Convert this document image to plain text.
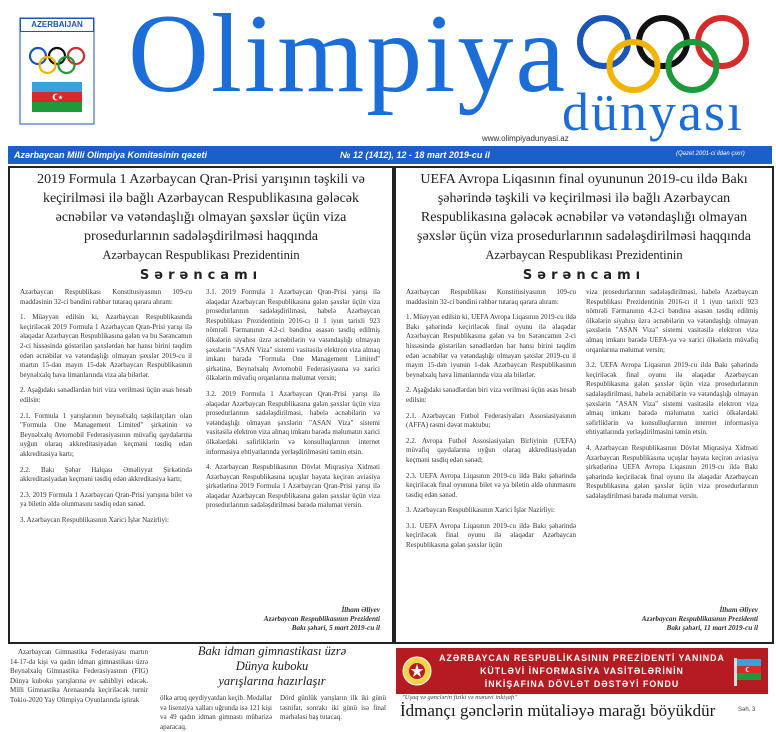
AZERBAIJAN Olimpiya
dünyası
www.olimpiyadunyasi.az
Azərbaycan Milli Olimpiya Komitəsinin qəzeti	№ 12 (1412), 12 - 18 mart 2019-cu il	(Qəzet 2001-ci ildən çıxır)
2019 Formula 1 Azərbaycan Qran-Prisi yarışının təşkili və keçirilməsi ilə bağlı Azərbaycan Respublikasına gələcək əcnəbilər və vətəndaşlığı olmayan şəxslər üçün viza prosedurlarının sadələşdirilməsi haqqında
Azərbaycan Respublikası Prezidentinin
Sərəncamı

Azərbaycan Respublikası Konstitusiyasının 109-cu maddəsinin 32-ci bəndini rəhbər tutaraq qərara alıram:

1. Müəyyən edilsin ki, Azərbaycan Respublikasında keçiriləcək 2019 Formula 1 Azərbaycan Qran-Prisi yarışı ilə əlaqədar Azərbaycan Respublikasına gələn və bu Sərəncamın 2-ci hissəsində göstərilən şəxslərdən hər hansı birini təqdim edən əcnəbilər və vətəndaşlığı olmayan şəxslər 2019-cu il martın 15-dən mayın 15-dək Azərbaycan Respublikasının beynəlxalq hava limanlarında viza ala bilərlər.

2. Aşağıdakı sənədlərdən biri viza verilməsi üçün əsas hesab edilsin:

2.1. Formula 1 yarışlarının beynəlxalq təşkilatçıları olan "Formula One Management Limited" şirkətinin və Beynəlxalq Avtomobil Federasiyasının müvafiq qaydalarına uyğun olaraq akkreditasiyadan keçməni təsdiq edən akkreditasiya kartı;

2.2. Bakı Şəhər Halqası Əməliyyat Şirkətində akkreditasiyadan keçməni təsdiq edən akkreditasiya kartı;

2.3. 2019 Formula 1 Azərbaycan Qran-Prisi yarışına bilet və ya biletin əldə olunmasını təsdiq edən sənəd.

3. Azərbaycan Respublikasının Xarici İşlər Nazirliyi:

3.1. 2019 Formula 1 Azərbaycan Qran-Prisi yarışı ilə əlaqədar Azərbaycan Respublikasına gələn şəxslər üçün viza prosedurlarının sadələşdirilməsi, habelə Azərbaycan Respublikası Prezidentinin 2016-cı il 1 iyun tarixli 923 nömrəli Fərmanının 4.2-ci bəndinə əsasən təsdiq edilmiş ölkələrin siyahısı üzrə əcnəbilərin və vətəndaşlığı olmayan şəxslərin "ASAN Viza" sistemi vasitəsilə elektron viza almaq imkanı barədə "Formula One Management Limited" şirkətinə, Beynəlxalq Avtomobil Federasiyasına və xarici ölkələrin müvafiq orqanlarına məlumat versin;

3.2. 2019 Formula 1 Azərbaycan Qran-Prisi yarışı ilə əlaqədar Azərbaycan Respublikasına gələn şəxslər üçün viza prosedurlarının sadələşdirilməsi, habelə əcnəbilərin və vətəndaşlığı olmayan şəxslərin "ASAN Viza" sistemi vasitəsilə elektron viza almaq imkanı barədə məlumatın xarici ölkələrdəki səfirliklərin və konsulluqlarının internet informasiya ehtiyatlarında yerləşdirilməsini təmin etsin.

4. Azərbaycan Respublikasının Dövlət Miqrasiya Xidməti Azərbaycan Respublikasına uçuşlar həyata keçirən aviasiya şirkətlərinə 2019 Formula 1 Azərbaycan Qran-Prisi yarışı ilə əlaqədar Azərbaycan Respublikasına gələn şəxslər üçün viza prosedurlarının sadələşdirilməsi barədə məlumat versin.

İlham Əliyev
Azərbaycan Respublikasının Prezidenti
Bakı şəhəri, 5 mart 2019-cu il
UEFA Avropa Liqasının final oyununun 2019-cu ildə Bakı şəhərində təşkili və keçirilməsi ilə bağlı Azərbaycan Respublikasına gələcək əcnəbilər və vətəndaşlığı olmayan şəxslər üçün viza prosedurlarının sadələşdirilməsi haqqında
Azərbaycan Respublikası Prezidentinin
Sərəncamı

Azərbaycan Respublikası Konstitusiyasının 109-cu maddəsinin 32-ci bəndini rəhbər tutaraq qərara alıram:

1. Müəyyən edilsin ki, UEFA Avropa Liqasının 2019-cu ildə Bakı şəhərində keçiriləcək final oyunu ilə əlaqədar Azərbaycan Respublikasına gələn və bu Sərəncamın 2-ci hissəsində göstərilən sənədlərdən hər hansı birini təqdim edən əcnəbilər və vətəndaşlığı olmayan şəxslər 2019-cu il mayın 15-dən iyunun 1-dək Azərbaycan Respublikasının beynəlxalq hava limanlarında viza ala bilərlər.

2. Aşağıdakı sənədlərdən biri viza verilməsi üçün əsas hesab edilsin:

2.1. Azərbaycan Futbol Federasiyaları Assosiasiyasının (AFFA) rəsmi dəvət məktubu;

2.2. Avropa Futbol Assosiasiyaları Birliyinin (UEFA) müvafiq qaydalarına uyğun olaraq akkreditasiyadan keçməni təsdiq edən sənəd;

2.3. UEFA Avropa Liqasının 2019-cu ildə Bakı şəhərində keçiriləcək final oyununa bilet və ya biletin əldə olunmasını təsdiq edən sənəd.

3. Azərbaycan Respublikasının Xarici İşlər Nazirliyi:

3.1. UEFA Avropa Liqasının 2019-cu ildə Bakı şəhərində keçiriləcək final oyunu ilə əlaqədar Azərbaycan Respublikasına gələn şəxslər üçün

viza prosedurlarının sadələşdirilməsi, habelə Azərbaycan Respublikası Prezidentinin 2016-cı il 1 iyun tarixli 923 nömrəli Fərmanının 4.2-ci bəndinə əsasən təsdiq edilmiş ölkələrin siyahısı üzrə əcnəbilərin və vətəndaşlığı olmayan şəxslərin "ASAN Viza" sistemi vasitəsilə elektron viza almaq imkanı barədə UEFA-ya və xarici ölkələrin müvafiq orqanlarına məlumat versin;

3.2. UEFA Avropa Liqasının 2019-cu ildə Bakı şəhərində keçiriləcək final oyunu ilə əlaqədar Azərbaycan Respublikasına gələn şəxslər üçün viza prosedurlarının sadələşdirilməsi, habelə əcnəbilərin və vətəndaşlığı olmayan şəxslərin "ASAN Viza" sistemi vasitəsilə elektron viza almaq imkanı barədə məlumatın xarici ölkələrdəki səfirliklərin və konsulluqlarının internet informasiya ehtiyatlarında yerləşdirilməsini təmin etsin.

4. Azərbaycan Respublikasının Dövlət Miqrasiya Xidməti Azərbaycan Respublikasına uçuşlar həyata keçirən aviasiya şirkətlərinə UEFA Avropa Liqasının 2019-cu ildə Bakı şəhərində keçiriləcək final oyunu ilə əlaqədar Azərbaycan Respublikasına gələn şəxslər üçün viza prosedurlarının sadələşdirilməsi barədə məlumat versin.

İlham Əliyev
Azərbaycan Respublikasının Prezidenti
Bakı şəhəri, 11 mart 2019-cu il
Azərbaycan Gimnastika Federasiyası martın 14-17-də kişi və qadın idman gimnastikası üzrə Beynəlxalq Gimnastika Federasiyasının (FIG) Dünya kuboku yarışlarına ev sahibliyi edəcək. Milli Gimnastika Arenasında keçiriləcək turnir Tokio-2020 Yay Olimpiya Oyunlarında iştirak
Bakı idman gimnastikası üzrə
Dünya kuboku
yarışlarına hazırlaşır
ölkə artıq qeydiyyatdan keçib. Medallar və lisenziya xalları uğrunda isə 121 kişi və 49 qadın idman gimnastı mübarizə aparacaq.
Dörd günlük yarışların ilk iki günü təsnifat, sonrakı iki günü isə final mərhələsi baş tutacaq.
AZƏRBAYCAN RESPUBLİKASININ PREZİDENTİ YANINDA
KÜTLƏVİ İNFORMASİYA VASİTƏLƏRİNİN
İNKİŞAFINA DÖVLƏT DƏSTƏYİ FONDU
"Uşaq və gənclərin fiziki və mənəvi inkişafı"
İdmançı gənclərin mütaliəyə marağı böyükdür	Səh. 3
